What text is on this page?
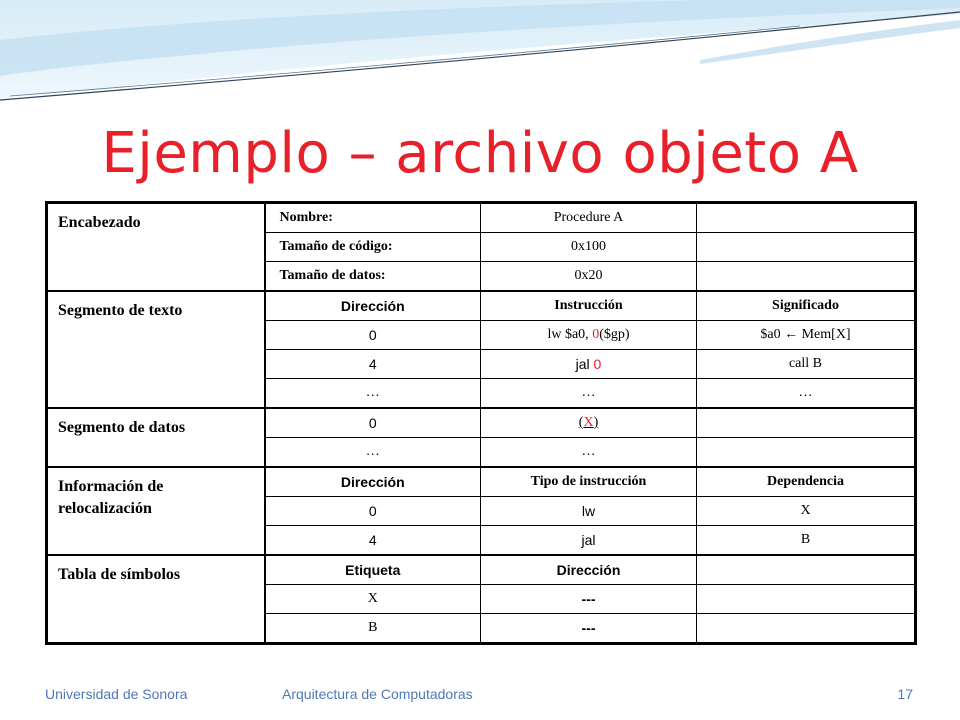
Ejemplo – archivo objeto A
Encabezado	Nombre:	Procedure A	
	Tamaño de código:	0x100	
	Tamaño de datos:	0x20	
Segmento de texto	Dirección	Instrucción	Significado
	0	lw $a0, 0($gp)	$a0 ← Mem[X]
	4	jal 0	call B
	…	…	…
Segmento de datos	0	(X)	
	…	…	
Información de relocalización	Dirección	Tipo de instrucción	Dependencia
	0	lw	X
	4	jal	B
Tabla de símbolos	Etiqueta	Dirección	
	X	---	
	B	---	
Universidad de Sonora	Arquitectura de Computadoras	17
